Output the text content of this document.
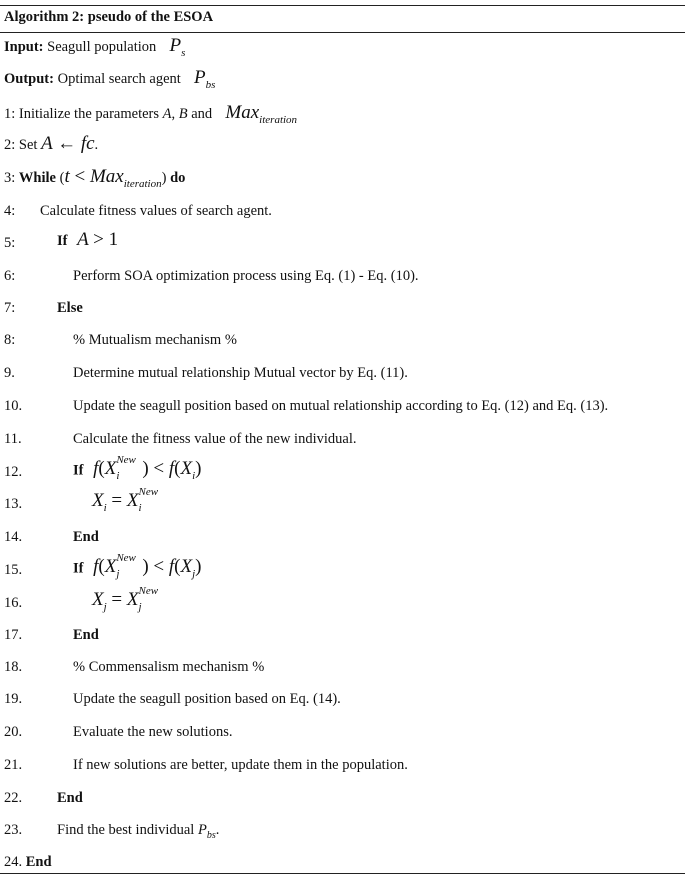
Algorithm 2: pseudo of the ESOA
Input: Seagull population $P_s$
Output: Optimal search agent $P_{bs}$
1: Initialize the parameters A, B and Max$_{iteration}$
2: Set A ← fc.
3: While (t < Max$_{iteration}$) do
4: Calculate fitness values of search agent.
5:	If A > 1
6:	Perform SOA optimization process using Eq. (1) - Eq. (10).
7:	Else
8:	% Mutualism mechanism %
9.	Determine mutual relationship Mutual vector by Eq. (11).
10.	Update the seagull position based on mutual relationship according to Eq. (12) and Eq. (13).
11.	Calculate the fitness value of the new individual.
12.	If f(X New
i ) < $f(X_i)$
13.	$X_i = X$ New
i
14.	End
15.	If f(X New
j ) < $f(X_j)$
16.	$X_j = X$ New
j
17.	End
18.	% Commensalism mechanism %
19.	Update the seagull position based on Eq. (14).
20.	Evaluate the new solutions.
21.	If new solutions are better, update them in the population.
22. End
23. Find the best individual $P_{bs}$.
24. End
